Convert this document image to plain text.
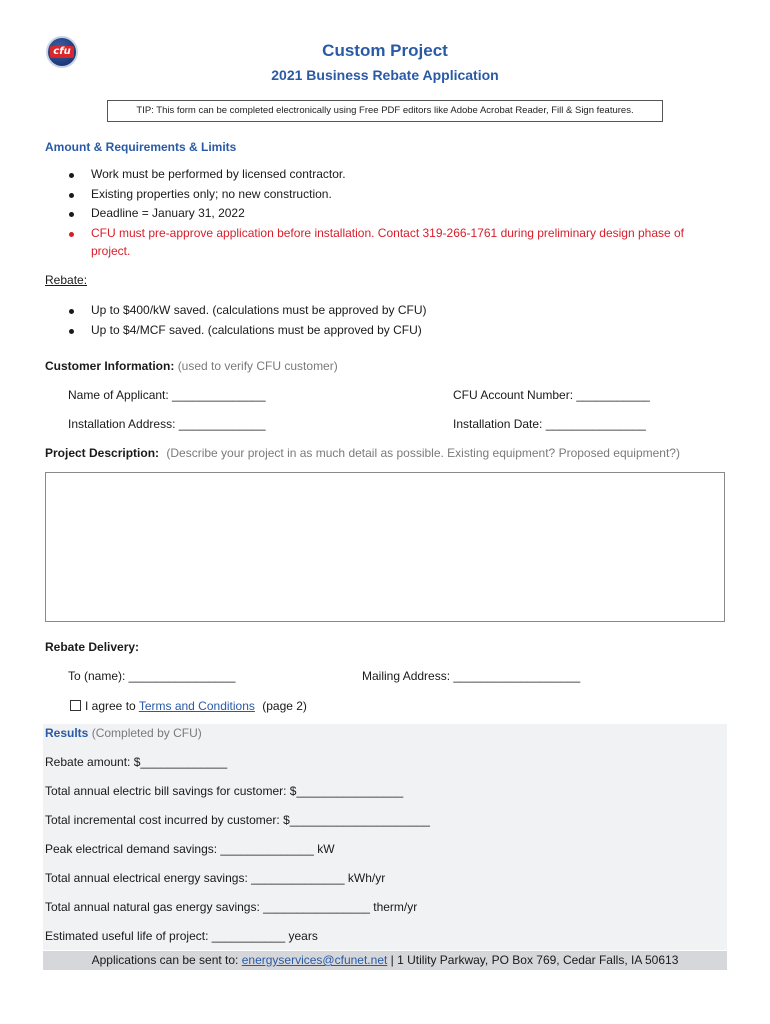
cfu	Custom Project
2021 Business Rebate Application
TIP: This form can be completed electronically using Free PDF editors like Adobe Acrobat Reader, Fill & Sign features.
Amount & Requirements & Limits
Work must be performed by licensed contractor.
Existing properties only; no new construction.
Deadline = January 31, 2022
CFU must pre-approve application before installation. Contact 319-266-1761 during preliminary design phase of
project.
Rebate:
Up to $400/kW saved. (calculations must be approved by CFU)
Up to $4/MCF saved. (calculations must be approved by CFU)
Customer Information: (used to verify CFU customer)
Name of Applicant: ______________	CFU Account Number: ___________
Installation Address: _____________	Installation Date: _______________
Project Description: (Describe your project in as much detail as possible. Existing equipment? Proposed equipment?)
Rebate Delivery:
To (name): ________________	Mailing Address: ___________________
I agree to Terms and Conditions (page 2)
Results (Completed by CFU)
Rebate amount: $_____________
Total annual electric bill savings for customer: $________________
Total incremental cost incurred by customer: $_____________________
Peak electrical demand savings: ______________ kW
Total annual electrical energy savings: ______________ kWh/yr
Total annual natural gas energy savings: ________________ therm/yr
Estimated useful life of project: ___________ years
Applications can be sent to: energyservices@cfunet.net | 1 Utility Parkway, PO Box 769, Cedar Falls, IA 50613
